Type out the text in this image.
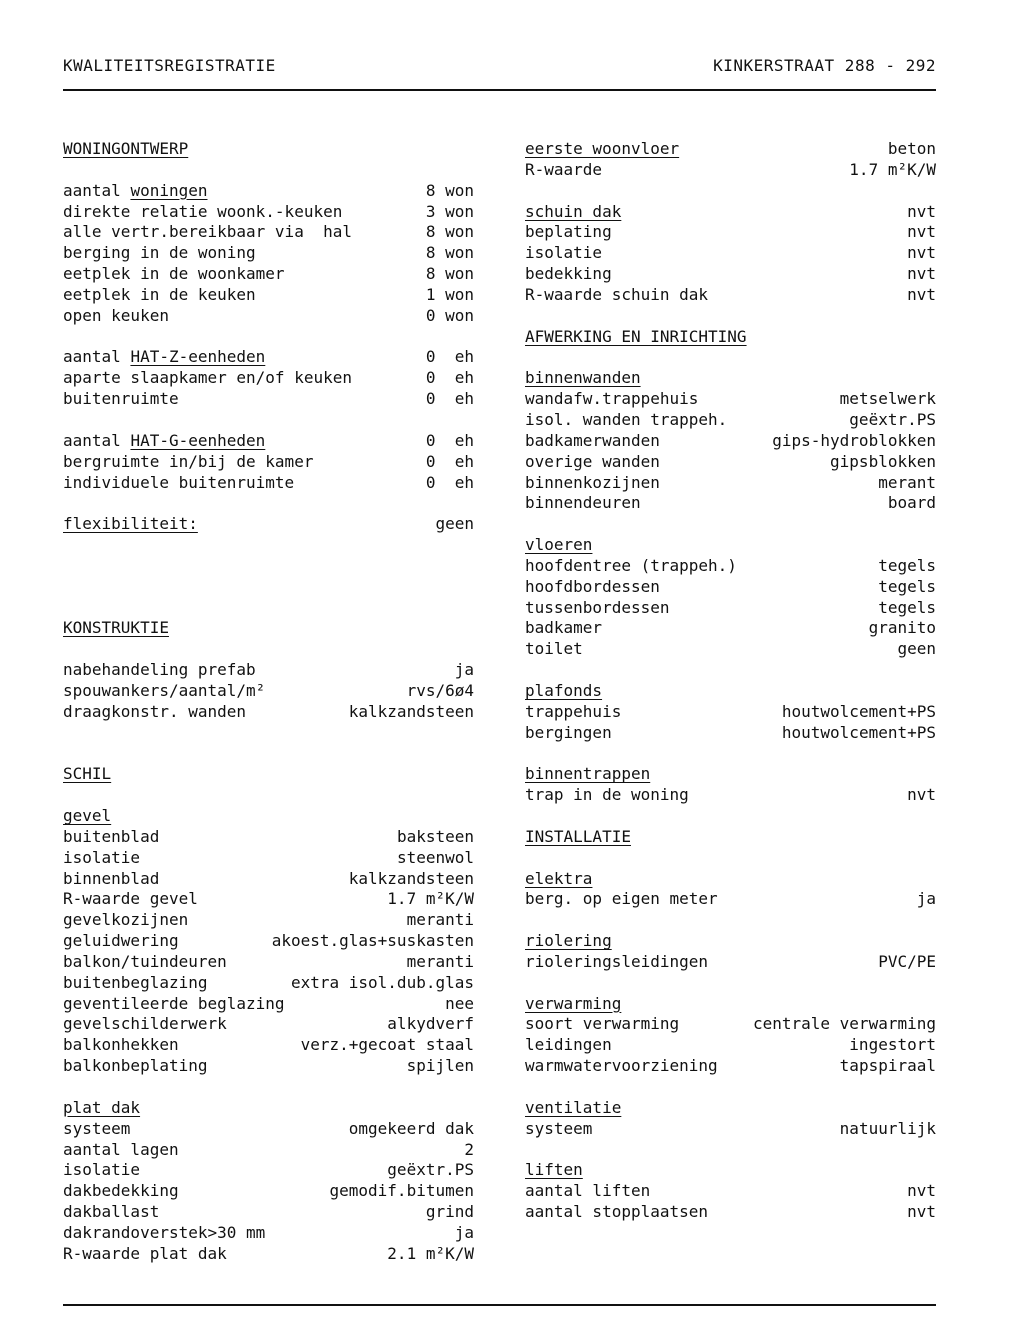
KWALITEITSREGISTRATIE	KINKERSTRAAT 288 - 292
WONINGONTWERP
aantal woningen	8 won
direkte relatie woonk.-keuken	3 won
alle vertr.bereikbaar via  hal	8 won
berging in de woning	8 won
eetplek in de woonkamer	8 won
eetplek in de keuken	1 won
open keuken	0 won
aantal HAT-Z-eenheden	0  eh
aparte slaapkamer en/of keuken	0  eh
buitenruimte	0  eh
aantal HAT-G-eenheden	0  eh
bergruimte in/bij de kamer	0  eh
individuele buitenruimte	0  eh
flexibiliteit:	geen
KONSTRUKTIE
nabehandeling prefab	ja
spouwankers/aantal/m²	rvs/6ø4
draagkonstr. wanden	kalkzandsteen
SCHIL
gevel
buitenblad	baksteen
isolatie	steenwol
binnenblad	kalkzandsteen
R-waarde gevel	1.7 m²K/W
gevelkozijnen	meranti
geluidwering	akoest.glas+suskasten
balkon/tuindeuren	meranti
buitenbeglazing	extra isol.dub.glas
geventileerde beglazing	nee
gevelschilderwerk	alkydverf
balkonhekken	verz.+gecoat staal
balkonbeplating	spijlen
plat dak
systeem	omgekeerd dak
aantal lagen	2
isolatie	geëxtr.PS
dakbedekking	gemodif.bitumen
dakballast	grind
dakrandoverstek>30 mm	ja
R-waarde plat dak	2.1 m²K/W
eerste woonvloer	beton
R-waarde	1.7 m²K/W
schuin dak	nvt
beplating	nvt
isolatie	nvt
bedekking	nvt
R-waarde schuin dak	nvt
AFWERKING EN INRICHTING
binnenwanden
wandafw.trappehuis	metselwerk
isol. wanden trappeh.	geëxtr.PS
badkamerwanden	gips-hydroblokken
overige wanden	gipsblokken
binnenkozijnen	merant
binnendeuren	board
vloeren
hoofdentree (trappeh.)	tegels
hoofdbordessen	tegels
tussenbordessen	tegels
badkamer	granito
toilet	geen
plafonds
trappehuis	houtwolcement+PS
bergingen	houtwolcement+PS
binnentrappen
trap in de woning	nvt
INSTALLATIE
elektra
berg. op eigen meter	ja
riolering
rioleringsleidingen	PVC/PE
verwarming
soort verwarming	centrale verwarming
leidingen	ingestort
warmwatervoorziening	tapspiraal
ventilatie
systeem	natuurlijk
liften
aantal liften	nvt
aantal stopplaatsen	nvt
